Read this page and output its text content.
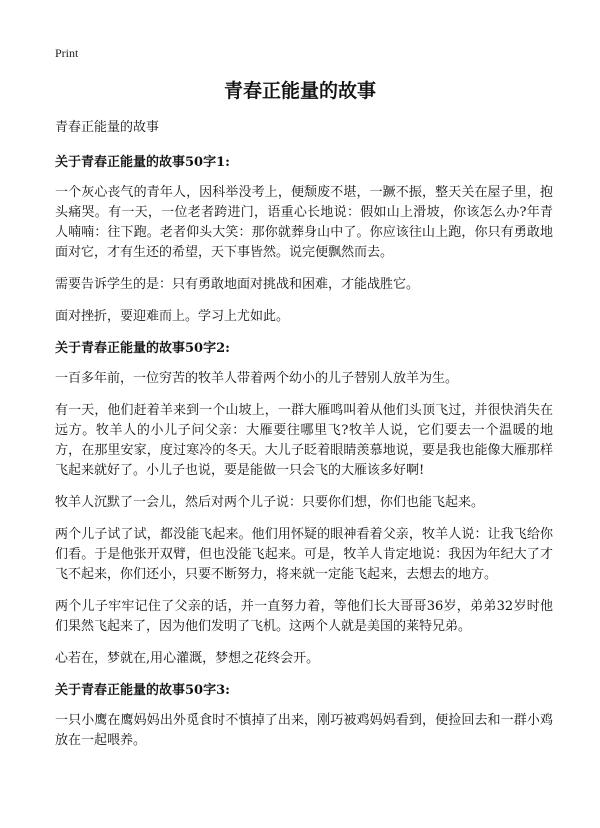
Print
青春正能量的故事

青春正能量的故事

关于青春正能量的故事50字1:

一个灰心丧气的青年人，因科举没考上，便颓废不堪，一蹶不振，整天关在屋子里，抱头痛哭。有一天，一位老者跨进门，语重心长地说：假如山上滑坡，你该怎么办?年青人喃喃：往下跑。老者仰头大笑：那你就葬身山中了。你应该往山上跑，你只有勇敢地面对它，才有生还的希望，天下事皆然。说完便飘然而去。

需要告诉学生的是：只有勇敢地面对挑战和困难，才能战胜它。

面对挫折，要迎难而上。学习上尤如此。

关于青春正能量的故事50字2:

一百多年前，一位穷苦的牧羊人带着两个幼小的儿子替别人放羊为生。

有一天，他们赶着羊来到一个山坡上，一群大雁鸣叫着从他们头顶飞过，并很快消失在远方。牧羊人的小儿子问父亲：大雁要往哪里飞?牧羊人说，它们要去一个温暖的地方，在那里安家，度过寒冷的冬天。大儿子眨着眼睛羡慕地说，要是我也能像大雁那样飞起来就好了。小儿子也说，要是能做一只会飞的大雁该多好啊!

牧羊人沉默了一会儿，然后对两个儿子说：只要你们想，你们也能飞起来。

两个儿子试了试，都没能飞起来。他们用怀疑的眼神看着父亲，牧羊人说：让我飞给你们看。于是他张开双臂，但也没能飞起来。可是，牧羊人肯定地说：我因为年纪大了才飞不起来，你们还小，只要不断努力，将来就一定能飞起来，去想去的地方。

两个儿子牢牢记住了父亲的话，并一直努力着，等他们长大哥哥36岁，弟弟32岁时他们果然飞起来了，因为他们发明了飞机。这两个人就是美国的莱特兄弟。

心若在，梦就在,用心灌溉，梦想之花终会开。

关于青春正能量的故事50字3:

一只小鹰在鹰妈妈出外觅食时不慎掉了出来，刚巧被鸡妈妈看到，便捡回去和一群小鸡放在一起喂养。
